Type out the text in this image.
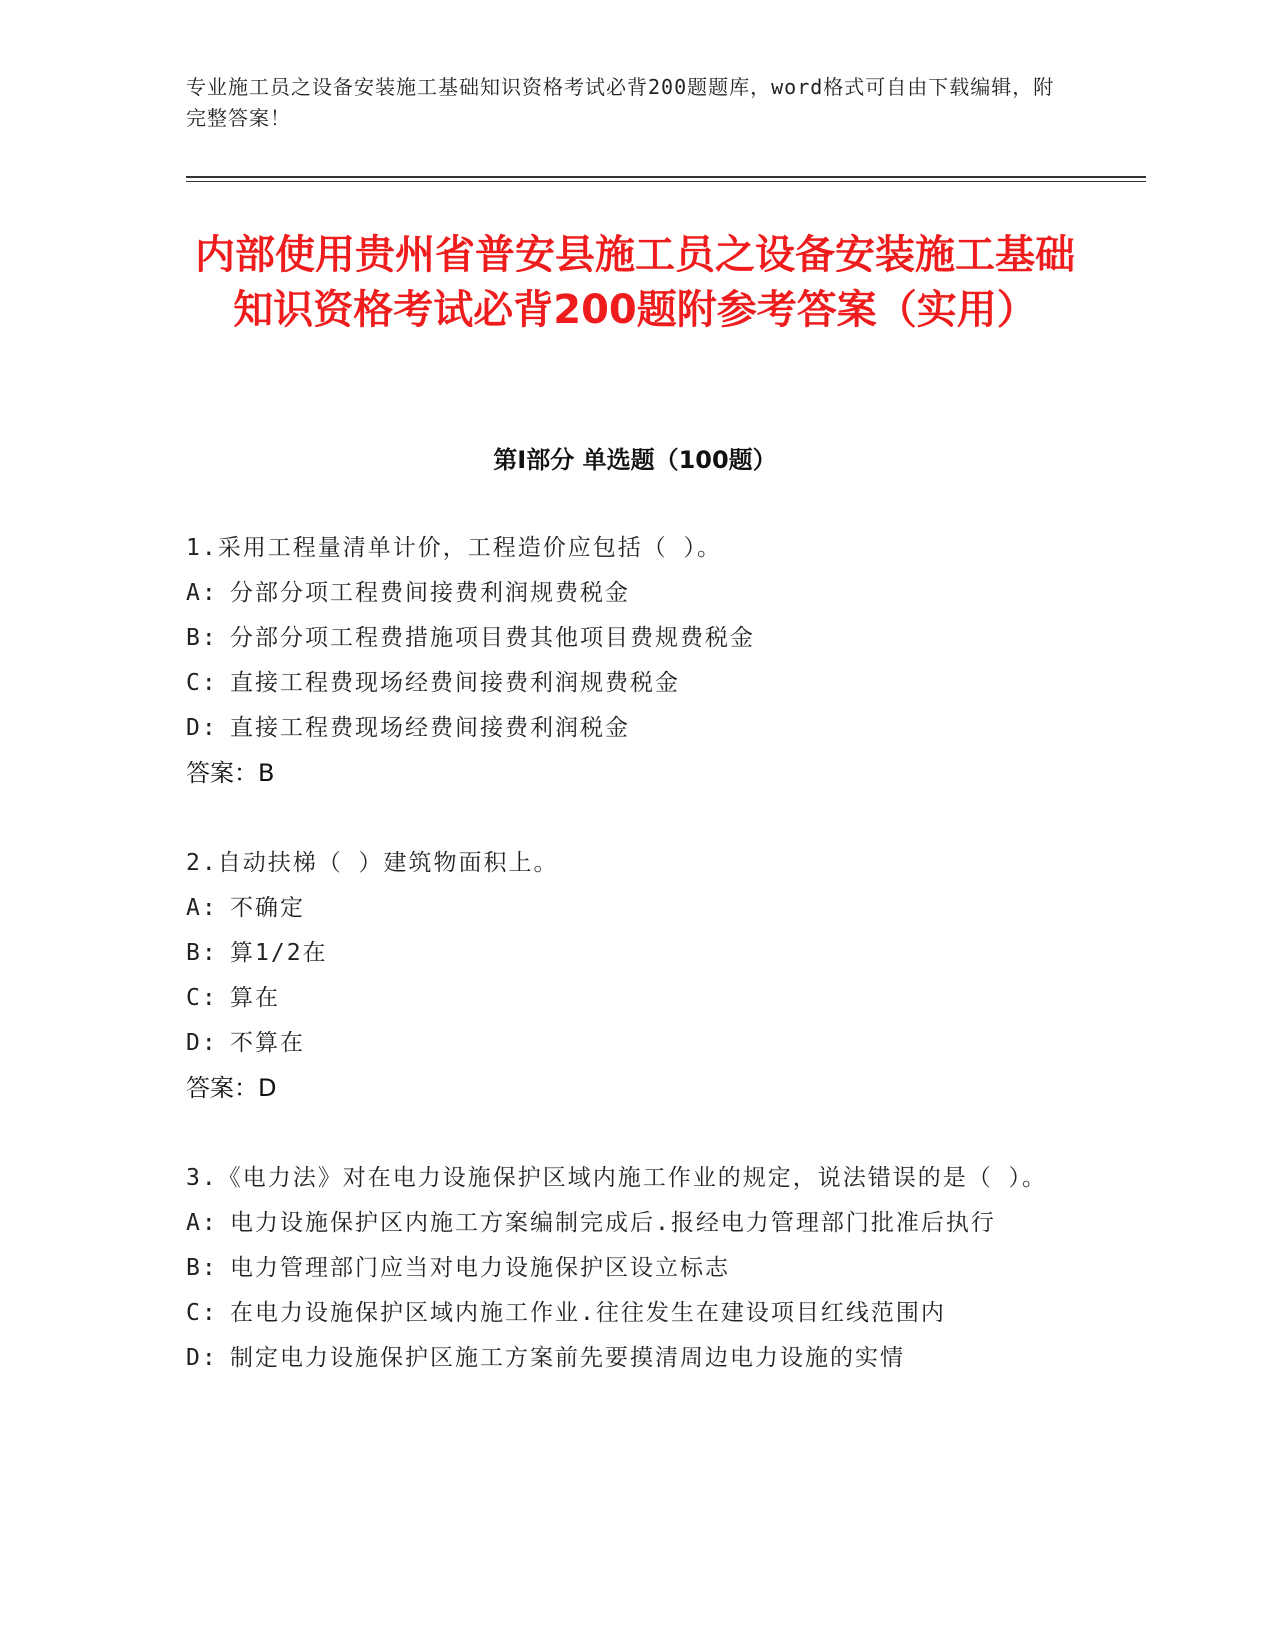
专业施工员之设备安装施工基础知识资格考试必背200题题库，word格式可自由下载编辑，附完整答案！
内部使用贵州省普安县施工员之设备安装施工基础知识资格考试必背200题附参考答案（实用）
第Ⅰ部分 单选题（100题）
1.采用工程量清单计价，工程造价应包括（ ）。
A: 分部分项工程费间接费利润规费税金
B: 分部分项工程费措施项目费其他项目费规费税金
C: 直接工程费现场经费间接费利润规费税金
D: 直接工程费现场经费间接费利润税金
答案：B
2.自动扶梯（ ）建筑物面积上。
A: 不确定
B: 算1/2在
C: 算在
D: 不算在
答案：D
3.《电力法》对在电力设施保护区域内施工作业的规定，说法错误的是（ ）。
A: 电力设施保护区内施工方案编制完成后.报经电力管理部门批准后执行
B: 电力管理部门应当对电力设施保护区设立标志
C: 在电力设施保护区域内施工作业.往往发生在建设项目红线范围内
D: 制定电力设施保护区施工方案前先要摸清周边电力设施的实情
